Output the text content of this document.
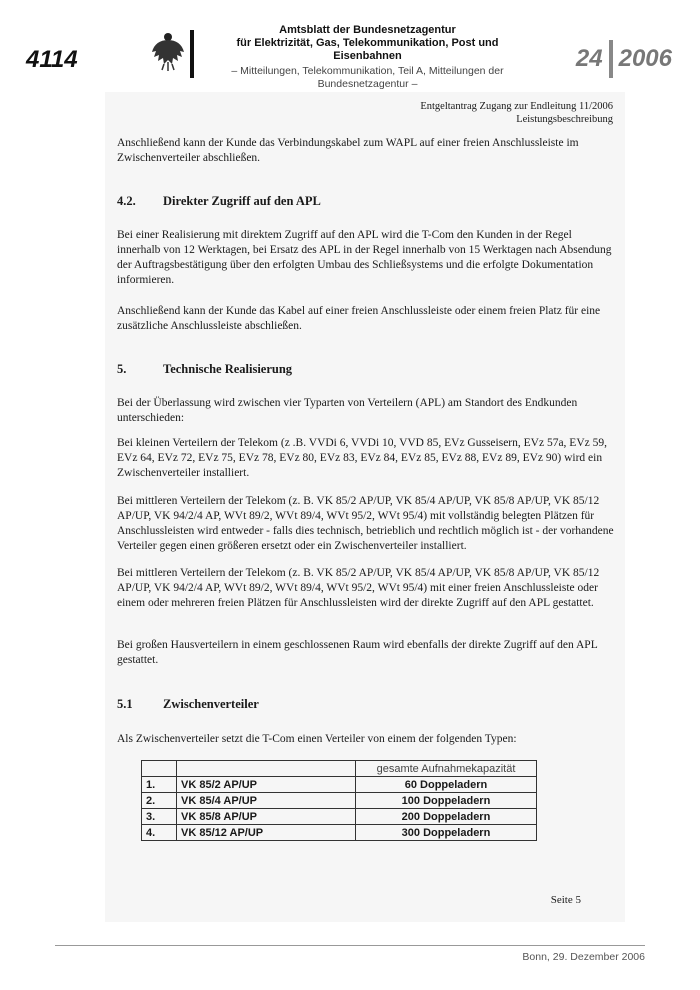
4114
Amtsblatt der Bundesnetzagentur
für Elektrizität, Gas, Telekommunikation, Post und Eisenbahnen
– Mitteilungen, Telekommunikation, Teil A, Mitteilungen der Bundesnetzagentur –
24 2006
Entgeltantrag Zugang zur Endleitung 11/2006
Leistungsbeschreibung

Anschließend kann der Kunde das Verbindungskabel zum WAPL auf einer freien Anschlussleiste im Zwischenverteiler abschließen.

4.2. Direkter Zugriff auf den APL

Bei einer Realisierung mit direktem Zugriff auf den APL wird die T-Com den Kunden in der Regel innerhalb von 12 Werktagen, bei Ersatz des APL in der Regel innerhalb von 15 Werktagen nach Absendung der Auftragsbestätigung über den erfolgten Umbau des Schließsystems und die erfolgte Dokumentation informieren.

Anschließend kann der Kunde das Kabel auf einer freien Anschlussleiste oder einem freien Platz für eine zusätzliche Anschlussleiste abschließen.

5.	Technische Realisierung

Bei der Überlassung wird zwischen vier Typarten von Verteilern (APL) am Standort des Endkunden unterschieden:

Bei kleinen Verteilern der Telekom (z .B. VVDi 6, VVDi 10, VVD 85, EVz Gusseisern, EVz 57a, EVz 59, EVz 64, EVz 72, EVz 75, EVz 78, EVz 80, EVz 83, EVz 84, EVz 85, EVz 88, EVz 89, EVz 90) wird ein Zwischenverteiler installiert.

Bei mittleren Verteilern der Telekom (z. B. VK 85/2 AP/UP, VK 85/4 AP/UP, VK 85/8 AP/UP, VK 85/12 AP/UP, VK 94/2/4 AP, WVt 89/2, WVt 89/4, WVt 95/2, WVt 95/4) mit vollständig belegten Plätzen für Anschlussleisten wird entweder - falls dies technisch, betrieblich und rechtlich möglich ist - der vorhandene Verteiler gegen einen größeren ersetzt oder ein Zwischenverteiler installiert.

Bei mittleren Verteilern der Telekom (z. B. VK 85/2 AP/UP, VK 85/4 AP/UP, VK 85/8 AP/UP, VK 85/12 AP/UP, VK 94/2/4 AP, WVt 89/2, WVt 89/4, WVt 95/2, WVt 95/4) mit einer freien Anschlussleiste oder einem oder mehreren freien Plätzen für Anschlussleisten wird der direkte Zugriff auf den APL gestattet.

Bei großen Hausverteilern in einem geschlossenen Raum wird ebenfalls der direkte Zugriff auf den APL gestattet.

5.1 Zwischenverteiler

Als Zwischenverteiler setzt die T-Com einen Verteiler von einem der folgenden Typen:

		gesamte Aufnahmekapazität
1.	VK 85/2 AP/UP	60 Doppeladern
2.	VK 85/4 AP/UP	100 Doppeladern
3.	VK 85/8 AP/UP	200 Doppeladern
4.	VK 85/12 AP/UP	300 Doppeladern
Seite 5
Bonn, 29. Dezember 2006
